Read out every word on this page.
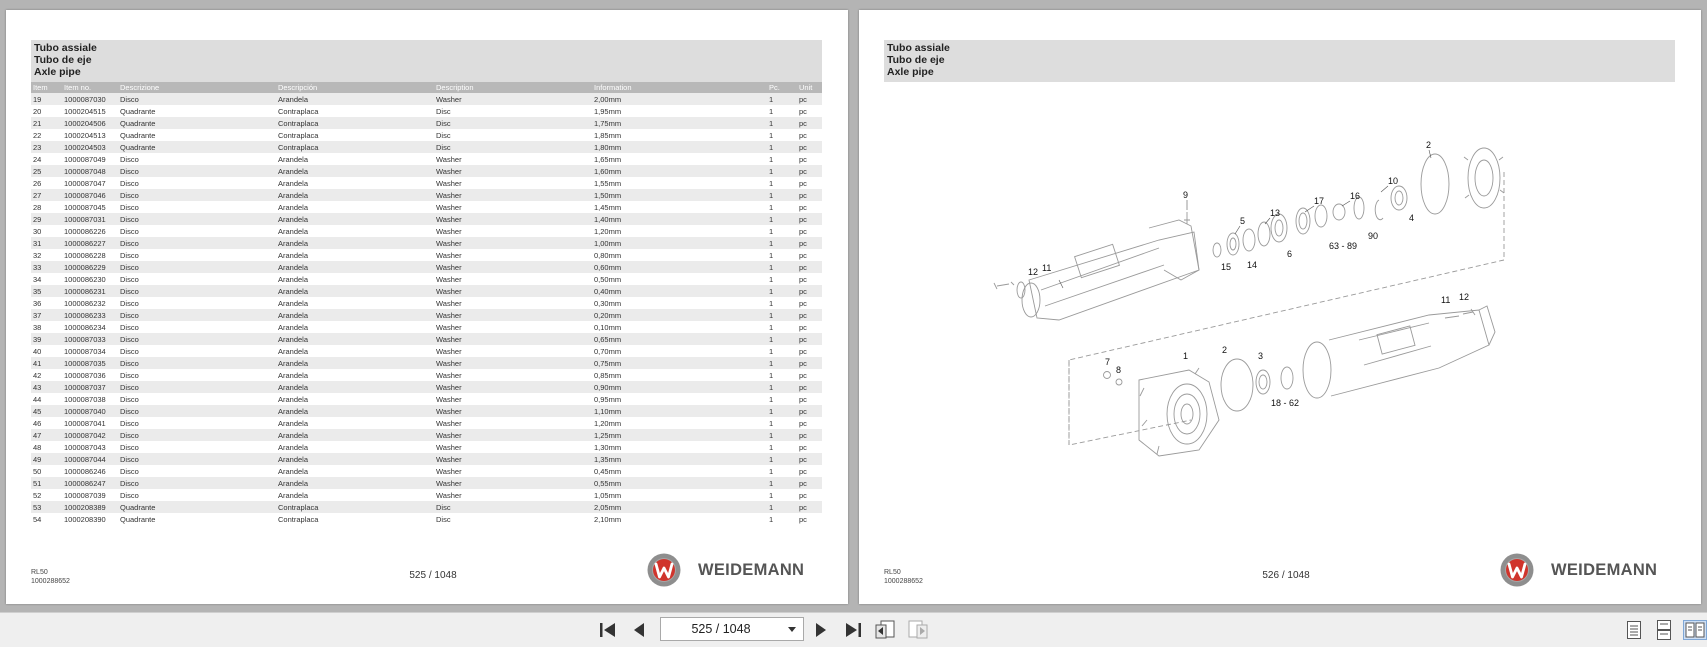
Tubo assiale
Tubo de eje
Axle pipe
Item	Item no.	Descrizione	Descripción	Description	Information	Pc.	Unit
19	1000087030	Disco	Arandela	Washer	2,00mm	1	pc
20	1000204515	Quadrante	Contraplaca	Disc	1,95mm	1	pc
21	1000204506	Quadrante	Contraplaca	Disc	1,75mm	1	pc
22	1000204513	Quadrante	Contraplaca	Disc	1,85mm	1	pc
23	1000204503	Quadrante	Contraplaca	Disc	1,80mm	1	pc
24	1000087049	Disco	Arandela	Washer	1,65mm	1	pc
25	1000087048	Disco	Arandela	Washer	1,60mm	1	pc
26	1000087047	Disco	Arandela	Washer	1,55mm	1	pc
27	1000087046	Disco	Arandela	Washer	1,50mm	1	pc
28	1000087045	Disco	Arandela	Washer	1,45mm	1	pc
29	1000087031	Disco	Arandela	Washer	1,40mm	1	pc
30	1000086226	Disco	Arandela	Washer	1,20mm	1	pc
31	1000086227	Disco	Arandela	Washer	1,00mm	1	pc
32	1000086228	Disco	Arandela	Washer	0,80mm	1	pc
33	1000086229	Disco	Arandela	Washer	0,60mm	1	pc
34	1000086230	Disco	Arandela	Washer	0,50mm	1	pc
35	1000086231	Disco	Arandela	Washer	0,40mm	1	pc
36	1000086232	Disco	Arandela	Washer	0,30mm	1	pc
37	1000086233	Disco	Arandela	Washer	0,20mm	1	pc
38	1000086234	Disco	Arandela	Washer	0,10mm	1	pc
39	1000087033	Disco	Arandela	Washer	0,65mm	1	pc
40	1000087034	Disco	Arandela	Washer	0,70mm	1	pc
41	1000087035	Disco	Arandela	Washer	0,75mm	1	pc
42	1000087036	Disco	Arandela	Washer	0,85mm	1	pc
43	1000087037	Disco	Arandela	Washer	0,90mm	1	pc
44	1000087038	Disco	Arandela	Washer	0,95mm	1	pc
45	1000087040	Disco	Arandela	Washer	1,10mm	1	pc
46	1000087041	Disco	Arandela	Washer	1,20mm	1	pc
47	1000087042	Disco	Arandela	Washer	1,25mm	1	pc
48	1000087043	Disco	Arandela	Washer	1,30mm	1	pc
49	1000087044	Disco	Arandela	Washer	1,35mm	1	pc
50	1000086246	Disco	Arandela	Washer	0,45mm	1	pc
51	1000086247	Disco	Arandela	Washer	0,55mm	1	pc
52	1000087039	Disco	Arandela	Washer	1,05mm	1	pc
53	1000208389	Quadrante	Contraplaca	Disc	2,05mm	1	pc
54	1000208390	Quadrante	Contraplaca	Disc	2,10mm	1	pc
RL50
1000288652
525 / 1048	WEIDEMANN
Tubo assiale
Tubo de eje
Axle pipe
9
5
13
17	16
10
2
12 11	15 14
6
63 - 89
90
4
11 12
7
8
1
2
3
18 - 62
RL50
1000288652
526 / 1048	WEIDEMANN
525 / 1048
